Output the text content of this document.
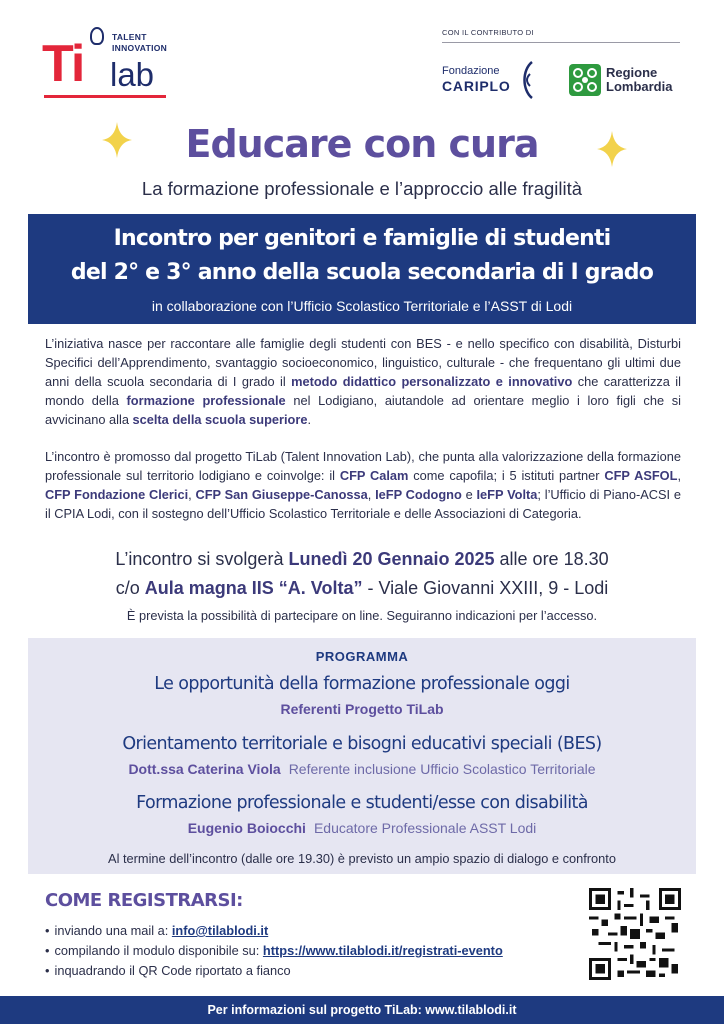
Ti	TALENT
INNOVATION
lab
CON IL CONTRIBUTO DI
Fondazione
CARIPLO
Regione
Lombardia
Educare con cura
La formazione professionale e l’approccio alle fragilità
Incontro per genitori e famiglie di studenti
del 2° e 3° anno della scuola secondaria di I grado
in collaborazione con l’Ufficio Scolastico Territoriale e l’ASST di Lodi
L’iniziativa nasce per raccontare alle famiglie degli studenti con BES - e nello specifico con disabilità, Disturbi Specifici dell’Apprendimento, svantaggio socioeconomico, linguistico, culturale - che frequentano gli ultimi due anni della scuola secondaria di I grado il metodo didattico personalizzato e innovativo che caratterizza il mondo della formazione professionale nel Lodigiano, aiutandole ad orientare meglio i loro figli che si avvicinano alla scelta della scuola superiore.
L’incontro è promosso dal progetto TiLab (Talent Innovation Lab), che punta alla valorizzazione della formazione professionale sul territorio lodigiano e coinvolge: il CFP Calam come capofila; i 5 istituti partner CFP ASFOL, CFP Fondazione Clerici, CFP San Giuseppe-Canossa, IeFP Codogno e IeFP Volta; l’Ufficio di Piano-ACSI e il CPIA Lodi, con il sostegno dell’Ufficio Scolastico Territoriale e delle Associazioni di Categoria.
L’incontro si svolgerà Lunedì 20 Gennaio 2025 alle ore 18.30
c/o Aula magna IIS “A. Volta” - Viale Giovanni XXIII, 9 - Lodi
È prevista la possibilità di partecipare on line. Seguiranno indicazioni per l’accesso.
PROGRAMMA
Le opportunità della formazione professionale oggi
Referenti Progetto TiLab
Orientamento territoriale e bisogni educativi speciali (BES)
Dott.ssa Caterina Viola Referente inclusione Ufficio Scolastico Territoriale
Formazione professionale e studenti/esse con disabilità
Eugenio Boiocchi Educatore Professionale ASST Lodi
Al termine dell’incontro (dalle ore 19.30) è previsto un ampio spazio di dialogo e confronto
COME REGISTRARSI:
• inviando una mail a: info@tilablodi.it
• compilando il modulo disponibile su: https://www.tilablodi.it/registrati-evento
• inquadrando il QR Code riportato a fianco
Per informazioni sul progetto TiLab: www.tilablodi.it
